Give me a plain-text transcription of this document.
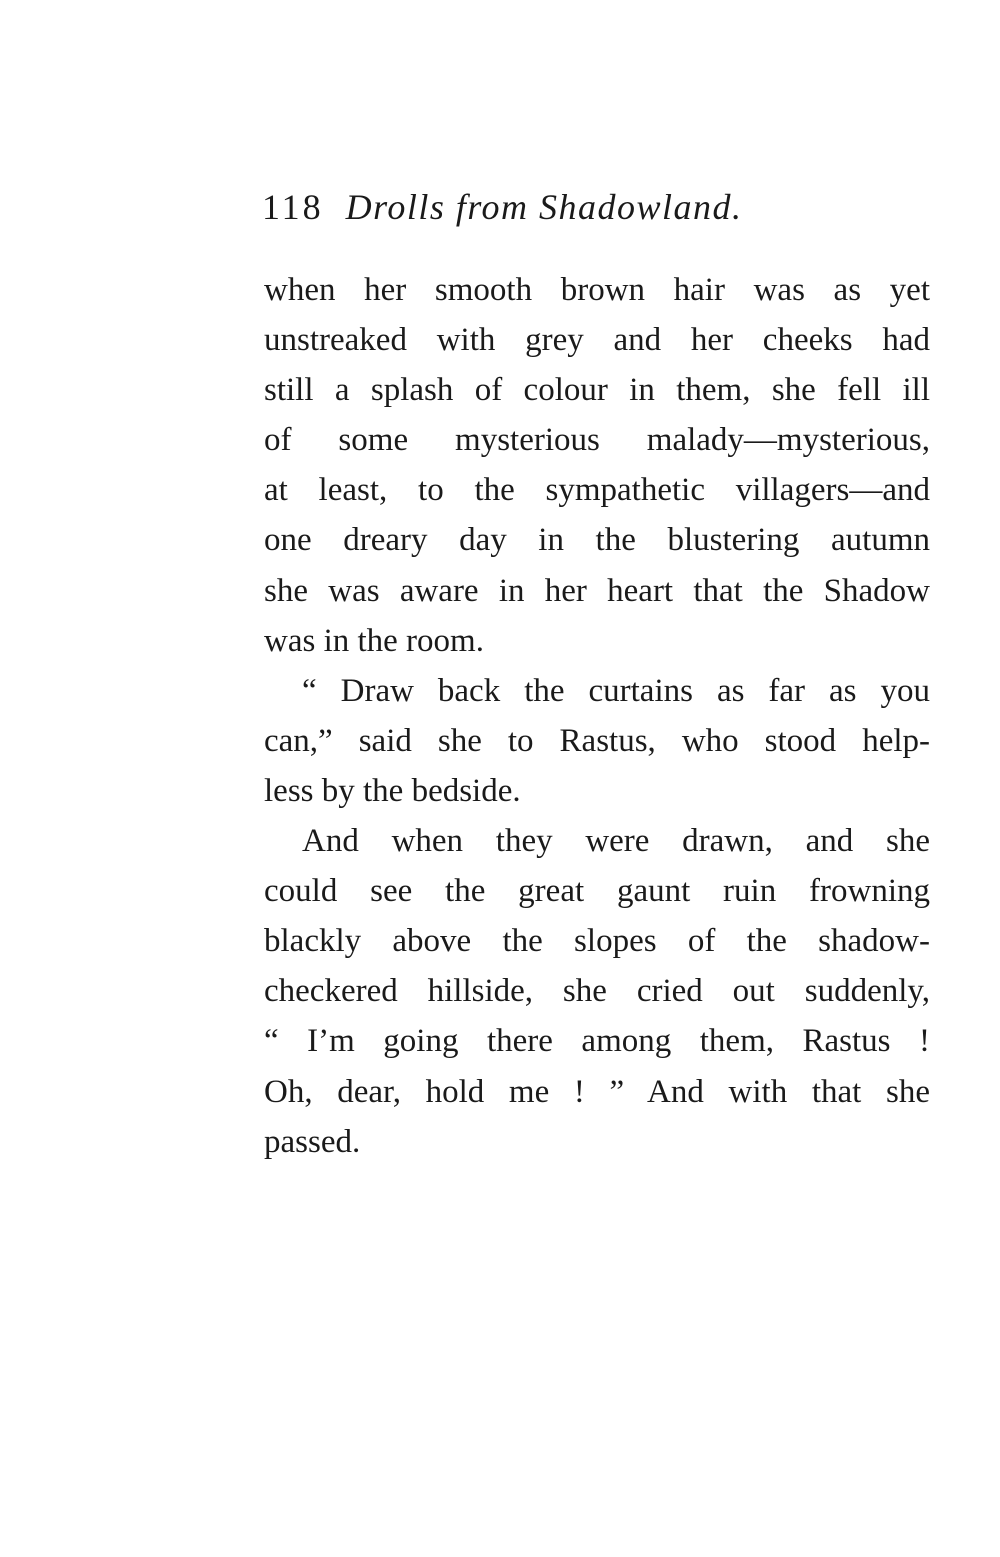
118 Drolls from Shadowland.
when her smooth brown hair was as yet
unstreaked with grey and her cheeks had
still a splash of colour in them, she fell ill
of some mysterious malady—mysterious,
at least, to the sympathetic villagers—and
one dreary day in the blustering autumn
she was aware in her heart that the Shadow
was in the room.
“ Draw back the curtains as far as you
can,” said she to Rastus, who stood help-
less by the bedside.
And when they were drawn, and she
could see the great gaunt ruin frowning
blackly above the slopes of the shadow-
checkered hillside, she cried out suddenly,
“ I’m going there among them, Rastus !
Oh, dear, hold me ! ” And with that she
passed.
